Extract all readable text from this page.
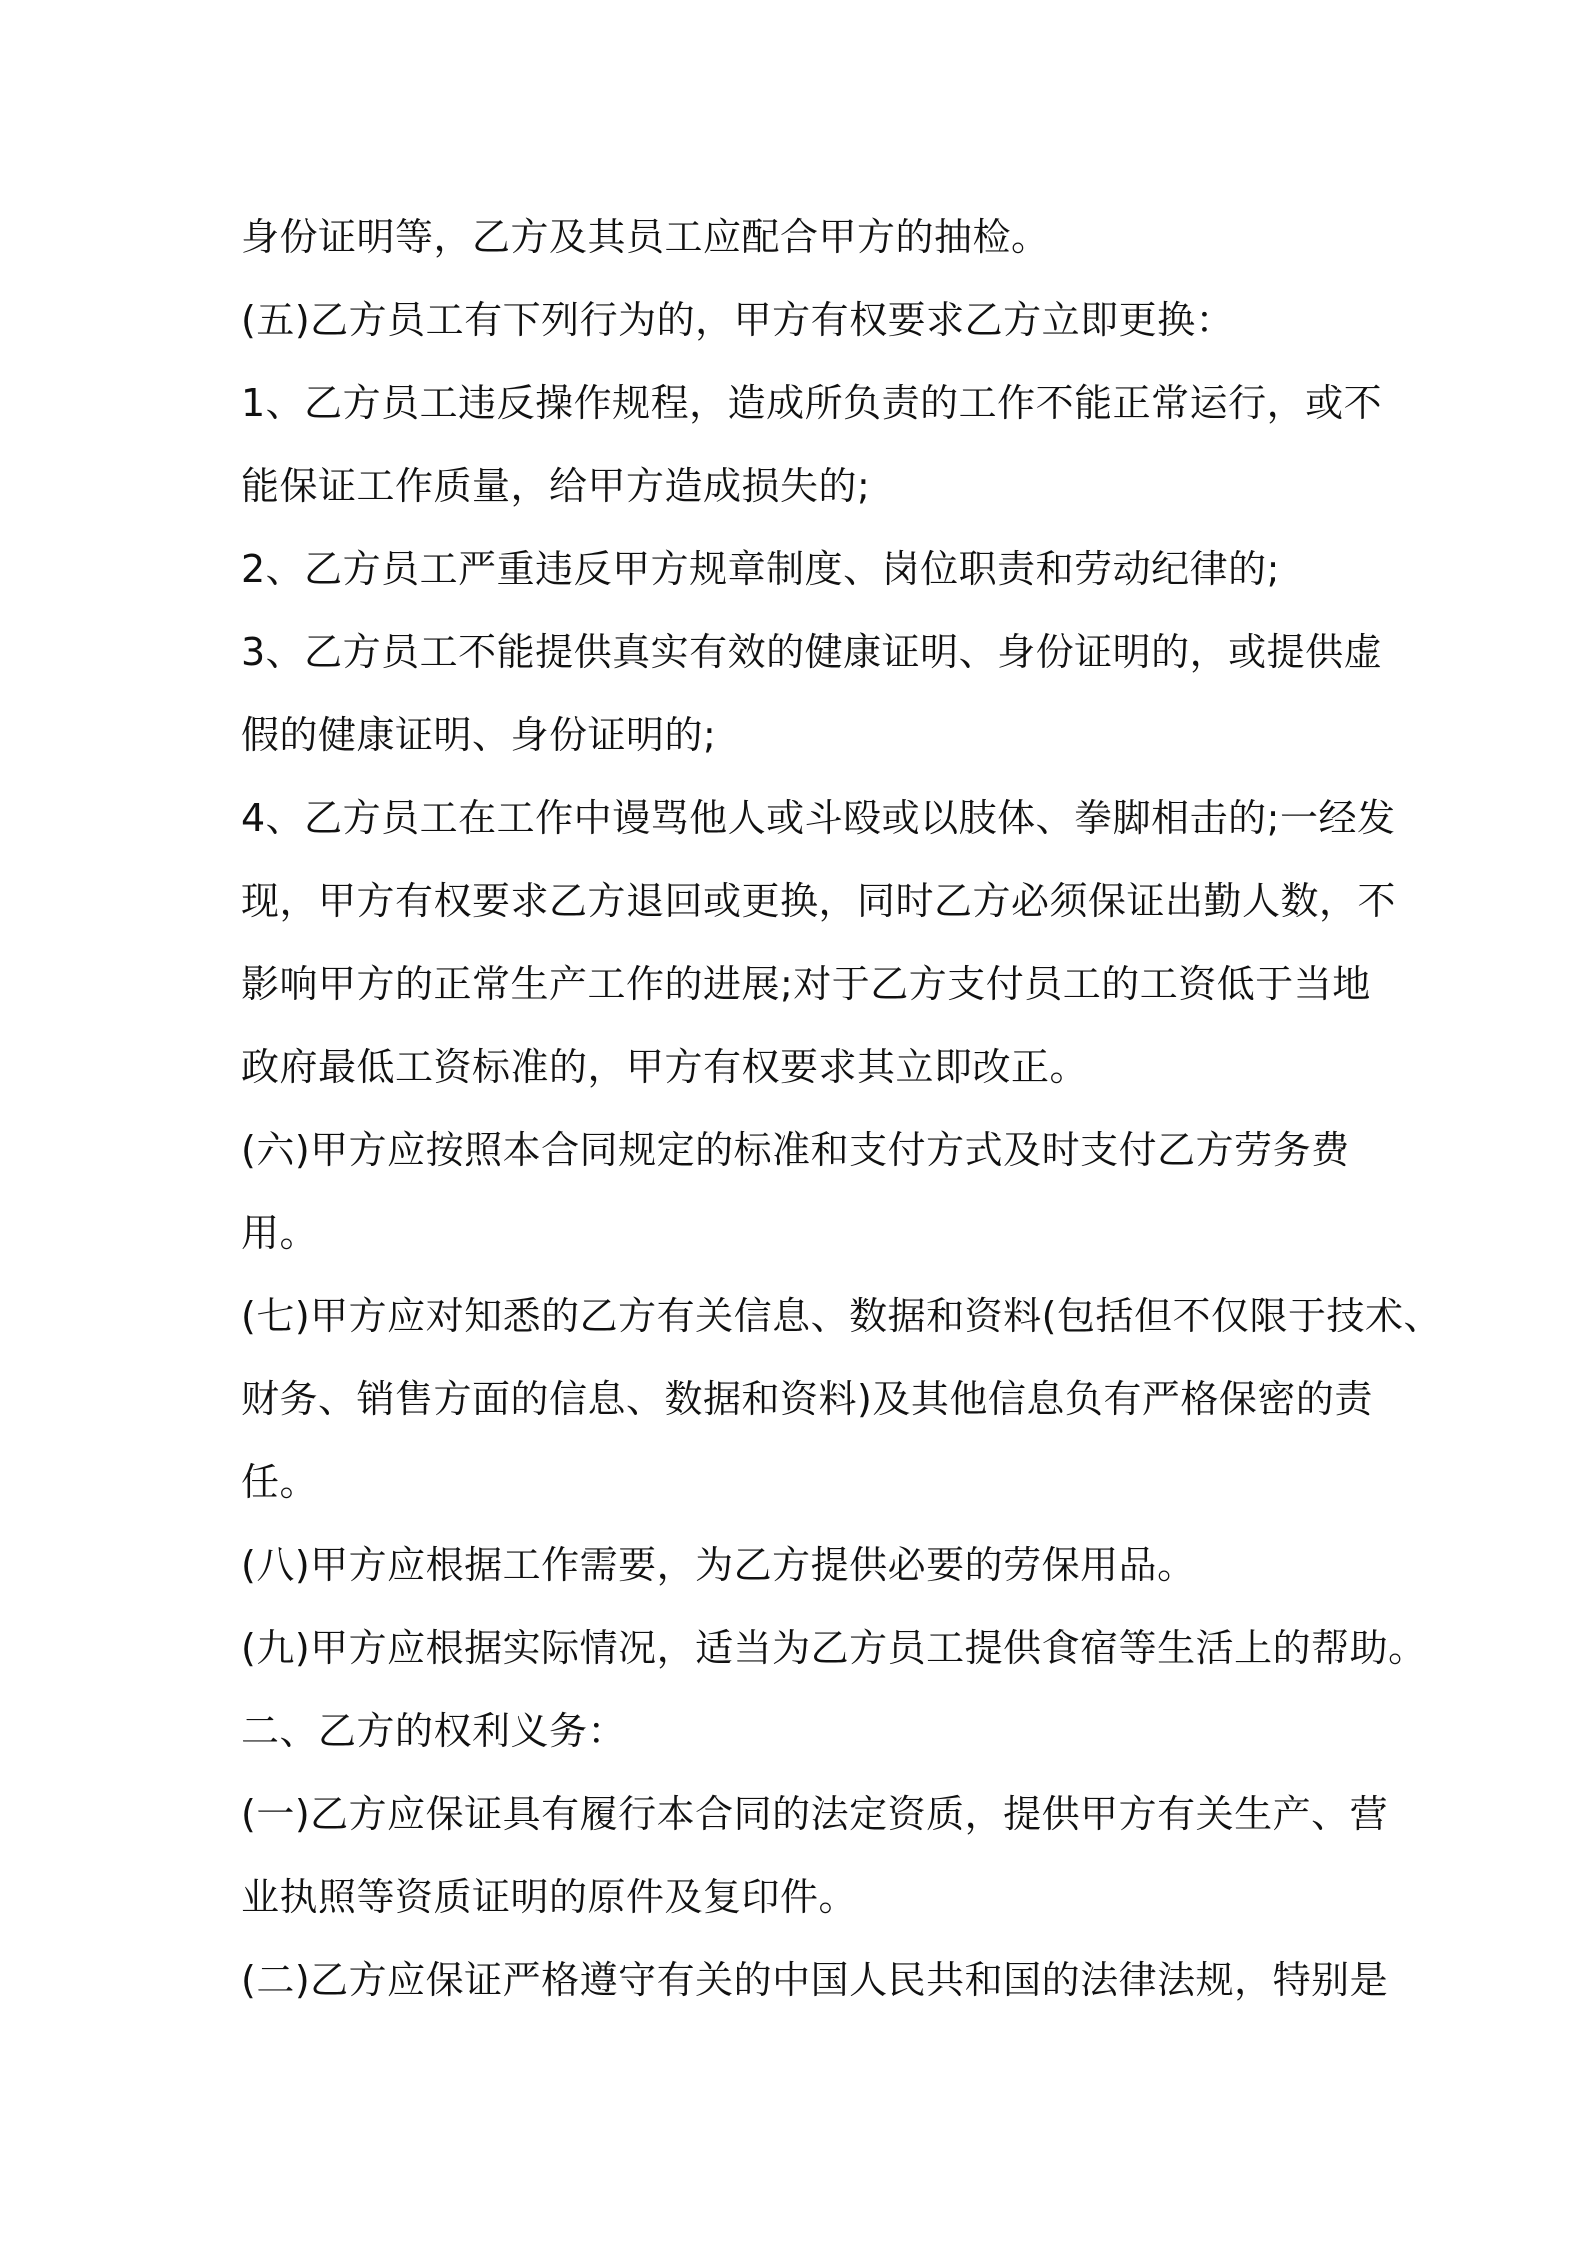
身份证明等，乙方及其员工应配合甲方的抽检。
(五)乙方员工有下列行为的，甲方有权要求乙方立即更换：
1、乙方员工违反操作规程，造成所负责的工作不能正常运行，或不
能保证工作质量，给甲方造成损失的;
2、乙方员工严重违反甲方规章制度、岗位职责和劳动纪律的;
3、乙方员工不能提供真实有效的健康证明、身份证明的，或提供虚
假的健康证明、身份证明的;
4、乙方员工在工作中谩骂他人或斗殴或以肢体、拳脚相击的;一经发
现，甲方有权要求乙方退回或更换，同时乙方必须保证出勤人数，不
影响甲方的正常生产工作的进展;对于乙方支付员工的工资低于当地
政府最低工资标准的，甲方有权要求其立即改正。
(六)甲方应按照本合同规定的标准和支付方式及时支付乙方劳务费
用。
(七)甲方应对知悉的乙方有关信息、数据和资料(包括但不仅限于技术、
财务、销售方面的信息、数据和资料)及其他信息负有严格保密的责
任。
(八)甲方应根据工作需要，为乙方提供必要的劳保用品。
(九)甲方应根据实际情况，适当为乙方员工提供食宿等生活上的帮助。
二、乙方的权利义务：
(一)乙方应保证具有履行本合同的法定资质，提供甲方有关生产、营
业执照等资质证明的原件及复印件。
(二)乙方应保证严格遵守有关的中国人民共和国的法律法规，特别是
